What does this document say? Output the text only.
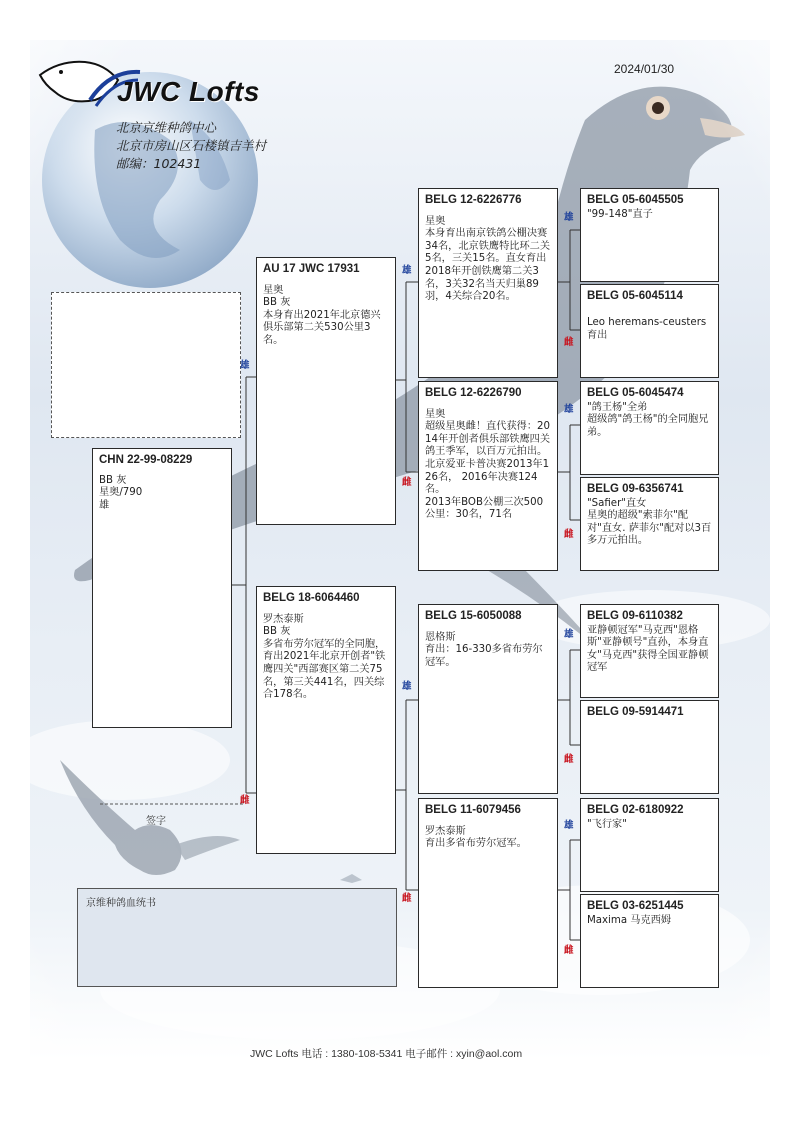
JWC Lofts
北京京维种鸽中心
北京市房山区石楼镇吉羊村
邮编：102431
2024/01/30
CHN 22-99-08229
BB 灰
星奥/790
雄
AU 17 JWC 17931
星奥
BB 灰
本身育出2021年北京德兴俱乐部第二关530公里3名。
BELG 18-6064460
罗杰泰斯
BB 灰
多省布劳尔冠军的全同胞，育出2021年北京开创者"铁鹰四关"西部赛区第二关75名，第三关441名，四关综合178名。
BELG 12-6226776
星奥
本身育出南京铁鸽公棚决赛34名，北京铁鹰特比环二关5名，三关15名。直女育出2018年开创铁鹰第二关3名，3关32名当天归巢89羽，4关综合20名。
BELG 12-6226790
星奥
超级星奥雌！直代获得：2014年开创者俱乐部铁鹰四关鸽王季军，以百万元拍出。
北京爱亚卡普决赛2013年126名， 2016年决赛124名。
2013年BOB公棚三次500公里：30名，71名
BELG 15-6050088
恩格斯
育出：16-330多省布劳尔冠军。
BELG 11-6079456
罗杰泰斯
育出多省布劳尔冠军。
BELG 05-6045505
"99-148"直子
BELG 05-6045114

Leo heremans-ceusters 育出
BELG 05-6045474
"鸽王杨"全弟
超级鸽"鸽王杨"的全同胞兄弟。
BELG 09-6356741
"Safier"直女
星奥的超级"索菲尔"配对"直女. 萨菲尔"配对以3百多万元拍出。
BELG 09-6110382
亚静顿冠军"马克西"恩格斯"亚静顿号"直孙，本身直女"马克西"获得全国亚静顿冠军
BELG 09-5914471
BELG 02-6180922
"飞行家"
BELG 03-6251445
Maxima 马克西姆
雄
雌
雄
雌
雄
雌
雄
雌
雄
雌
雄
雌
雄
雌
签字
京维种鸽血统书
JWC Lofts 电话 : 1380-108-5341 电子邮件 : xyin@aol.com
